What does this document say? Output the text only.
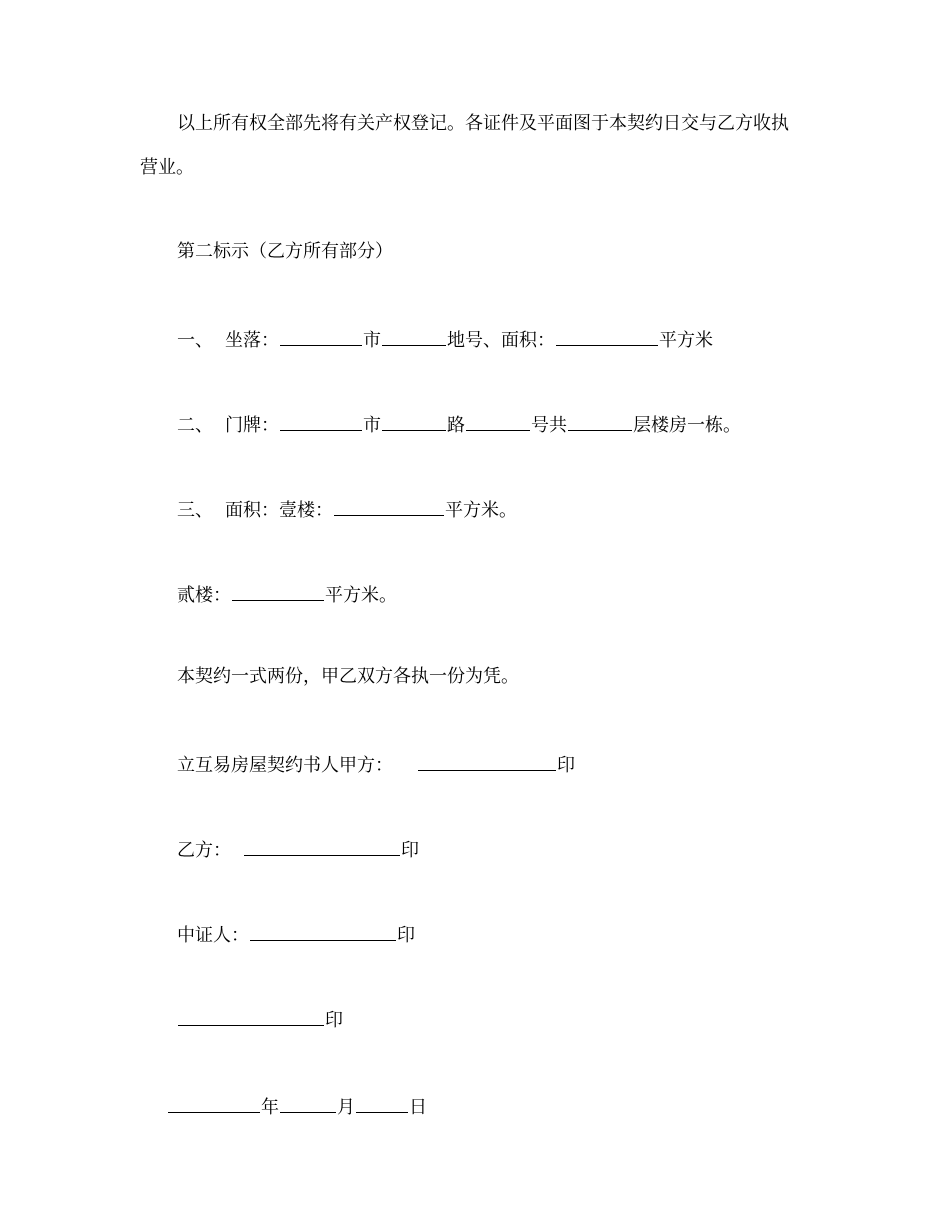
以上所有权全部先将有关产权登记。各证件及平面图于本契约日交与乙方收执
营业。
第二标示（乙方所有部分）
一、 坐落：	市	地号、面积：	平方米
二、 门牌：	市	路	号共	层楼房一栋。
三、 面积：壹楼：	平方米。
贰楼：	平方米。
本契约一式两份，甲乙双方各执一份为凭。
立互易房屋契约书人甲方：	印
乙方：	印
中证人：	印
印
年	月	日
